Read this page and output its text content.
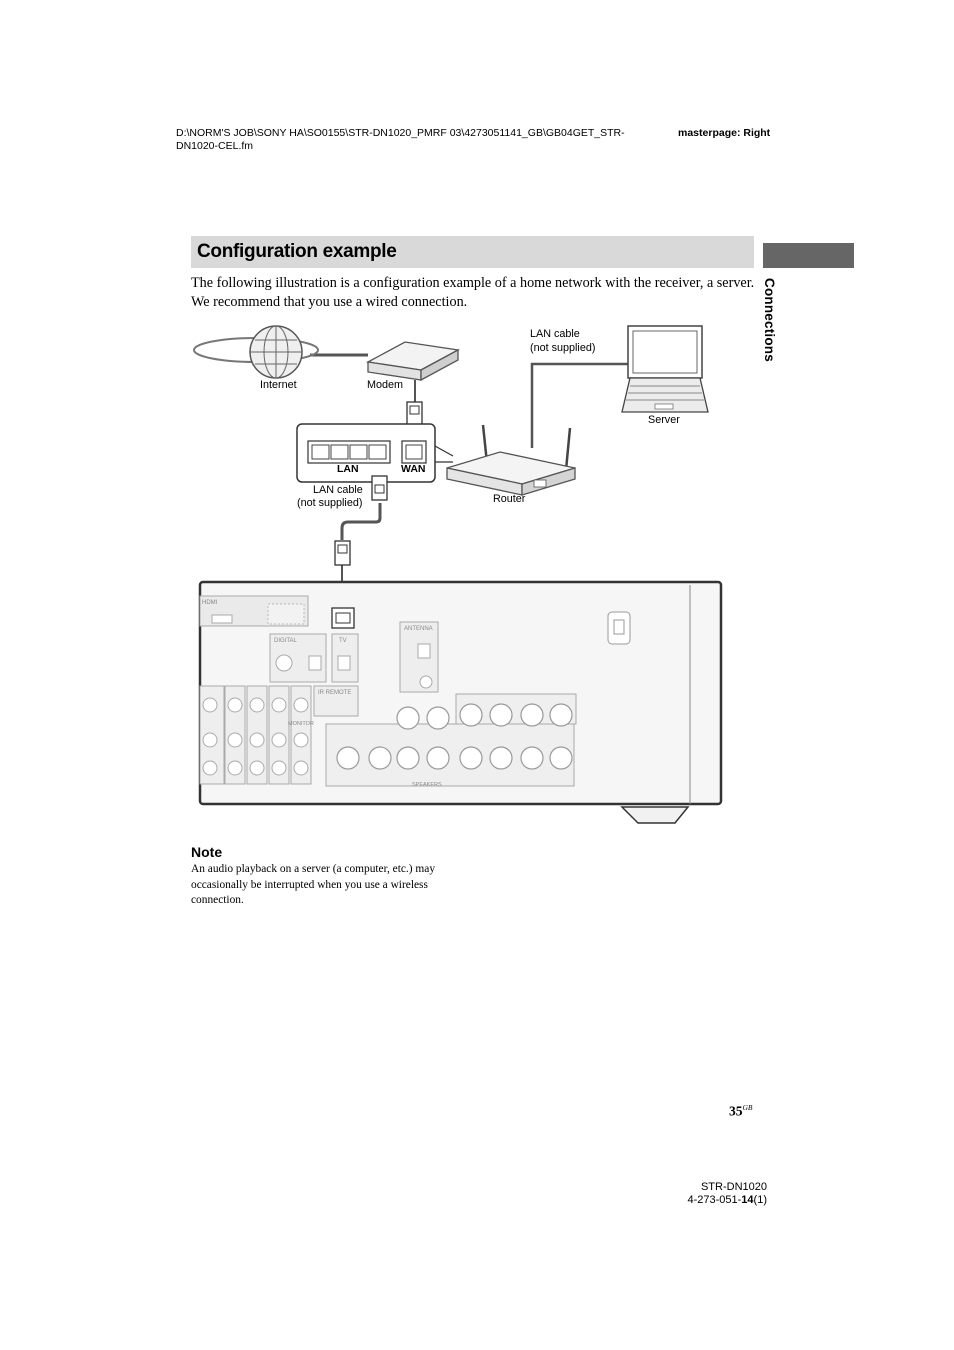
D:\NORM'S JOB\SONY HA\SO0155\STR-DN1020_PMRF 03\4273051141_GB\GB04GET_STR-DN1020-CEL.fm
masterpage: Right
Configuration example
Connections
The following illustration is a configuration example of a home network with the receiver, a server. We recommend that you use a wired connection.
Internet	Modem
LAN cable
(not supplied)
Server
LAN	WAN
Router
LAN cable
(not supplied)
HDMI
DIGITAL	TV
IR REMOTE
MONITOR
ANTENNA
SPEAKERS
Note
An audio playback on a server (a computer, etc.) may occasionally be interrupted when you use a wireless connection.
$35^{GB}$
STR-DN1020
4-273-051-14(1)
